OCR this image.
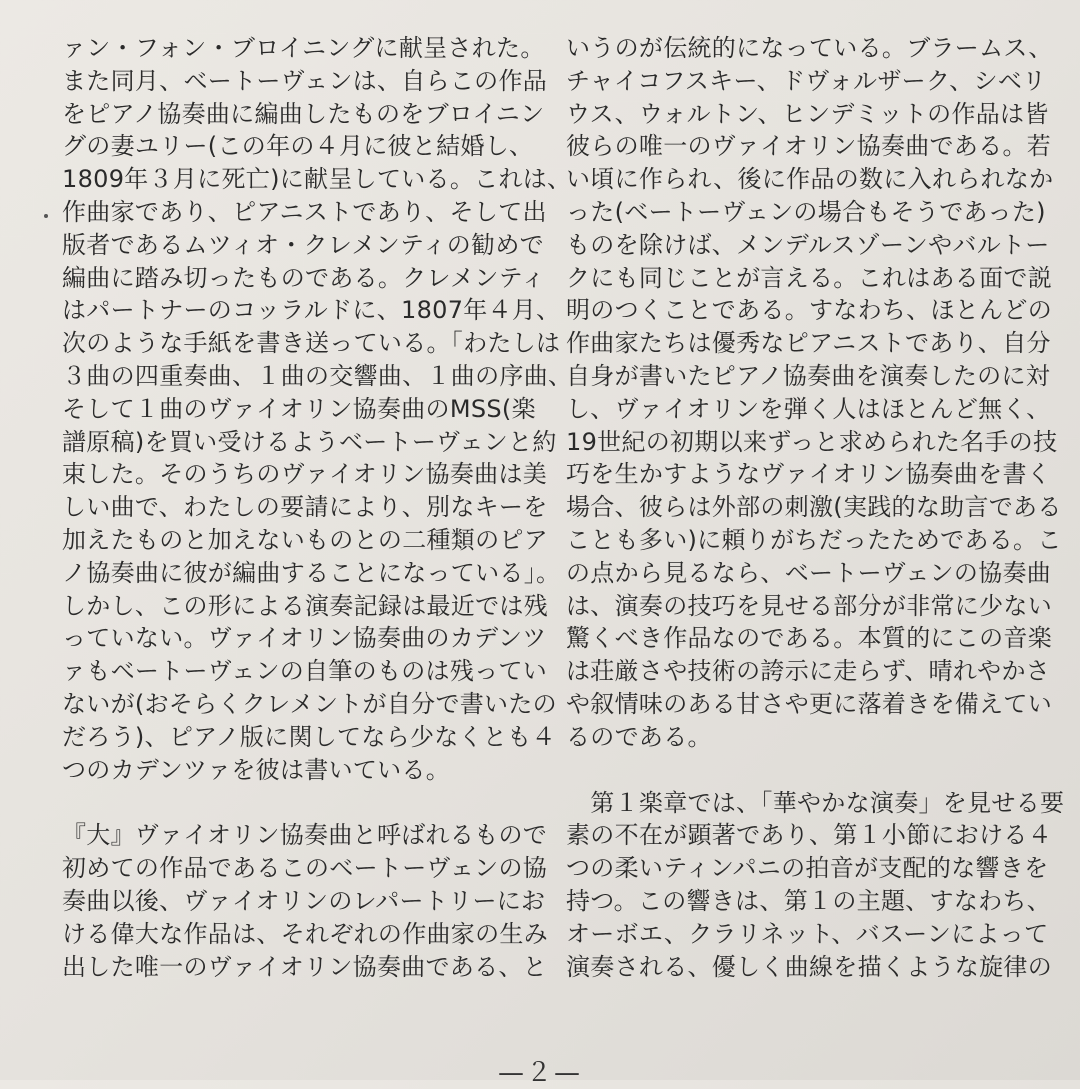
ァン・フォン・ブロイニングに献呈された。
また同月、ベートーヴェンは、自らこの作品
をピアノ協奏曲に編曲したものをブロイニン
グの妻ユリー(この年の４月に彼と結婚し、
1809年３月に死亡)に献呈している。これは、
作曲家であり、ピアニストであり、そして出
版者であるムツィオ・クレメンティの勧めで
編曲に踏み切ったものである。クレメンティ
はパートナーのコッラルドに、1807年４月、
次のような手紙を書き送っている。「わたしは
３曲の四重奏曲、１曲の交響曲、１曲の序曲、
そして１曲のヴァイオリン協奏曲のMSS(楽
譜原稿)を買い受けるようベートーヴェンと約
束した。そのうちのヴァイオリン協奏曲は美
しい曲で、わたしの要請により、別なキーを
加えたものと加えないものとの二種類のピア
ノ協奏曲に彼が編曲することになっている」。
しかし、この形による演奏記録は最近では残
っていない。ヴァイオリン協奏曲のカデンツ
ァもベートーヴェンの自筆のものは残ってい
ないが(おそらくクレメントが自分で書いたの
だろう)、ピアノ版に関してなら少なくとも４
つのカデンツァを彼は書いている。
『大』ヴァイオリン協奏曲と呼ばれるもので
初めての作品であるこのベートーヴェンの協
奏曲以後、ヴァイオリンのレパートリーにお
ける偉大な作品は、それぞれの作曲家の生み
出した唯一のヴァイオリン協奏曲である、と
いうのが伝統的になっている。ブラームス、
チャイコフスキー、ドヴォルザーク、シベリ
ウス、ウォルトン、ヒンデミットの作品は皆
彼らの唯一のヴァイオリン協奏曲である。若
い頃に作られ、後に作品の数に入れられなか
った(ベートーヴェンの場合もそうであった)
ものを除けば、メンデルスゾーンやバルトー
クにも同じことが言える。これはある面で説
明のつくことである。すなわち、ほとんどの
作曲家たちは優秀なピアニストであり、自分
自身が書いたピアノ協奏曲を演奏したのに対
し、ヴァイオリンを弾く人はほとんど無く、
19世紀の初期以来ずっと求められた名手の技
巧を生かすようなヴァイオリン協奏曲を書く
場合、彼らは外部の刺激(実践的な助言である
ことも多い)に頼りがちだったためである。こ
の点から見るなら、ベートーヴェンの協奏曲
は、演奏の技巧を見せる部分が非常に少ない
驚くべき作品なのである。本質的にこの音楽
は荘厳さや技術の誇示に走らず、晴れやかさ
や叙情味のある甘さや更に落着きを備えてい
るのである。
　第１楽章では、「華やかな演奏」を見せる要
素の不在が顕著であり、第１小節における４
つの柔いティンパニの拍音が支配的な響きを
持つ。この響きは、第１の主題、すなわち、
オーボエ、クラリネット、バスーンによって
演奏される、優しく曲線を描くような旋律の
—２—
